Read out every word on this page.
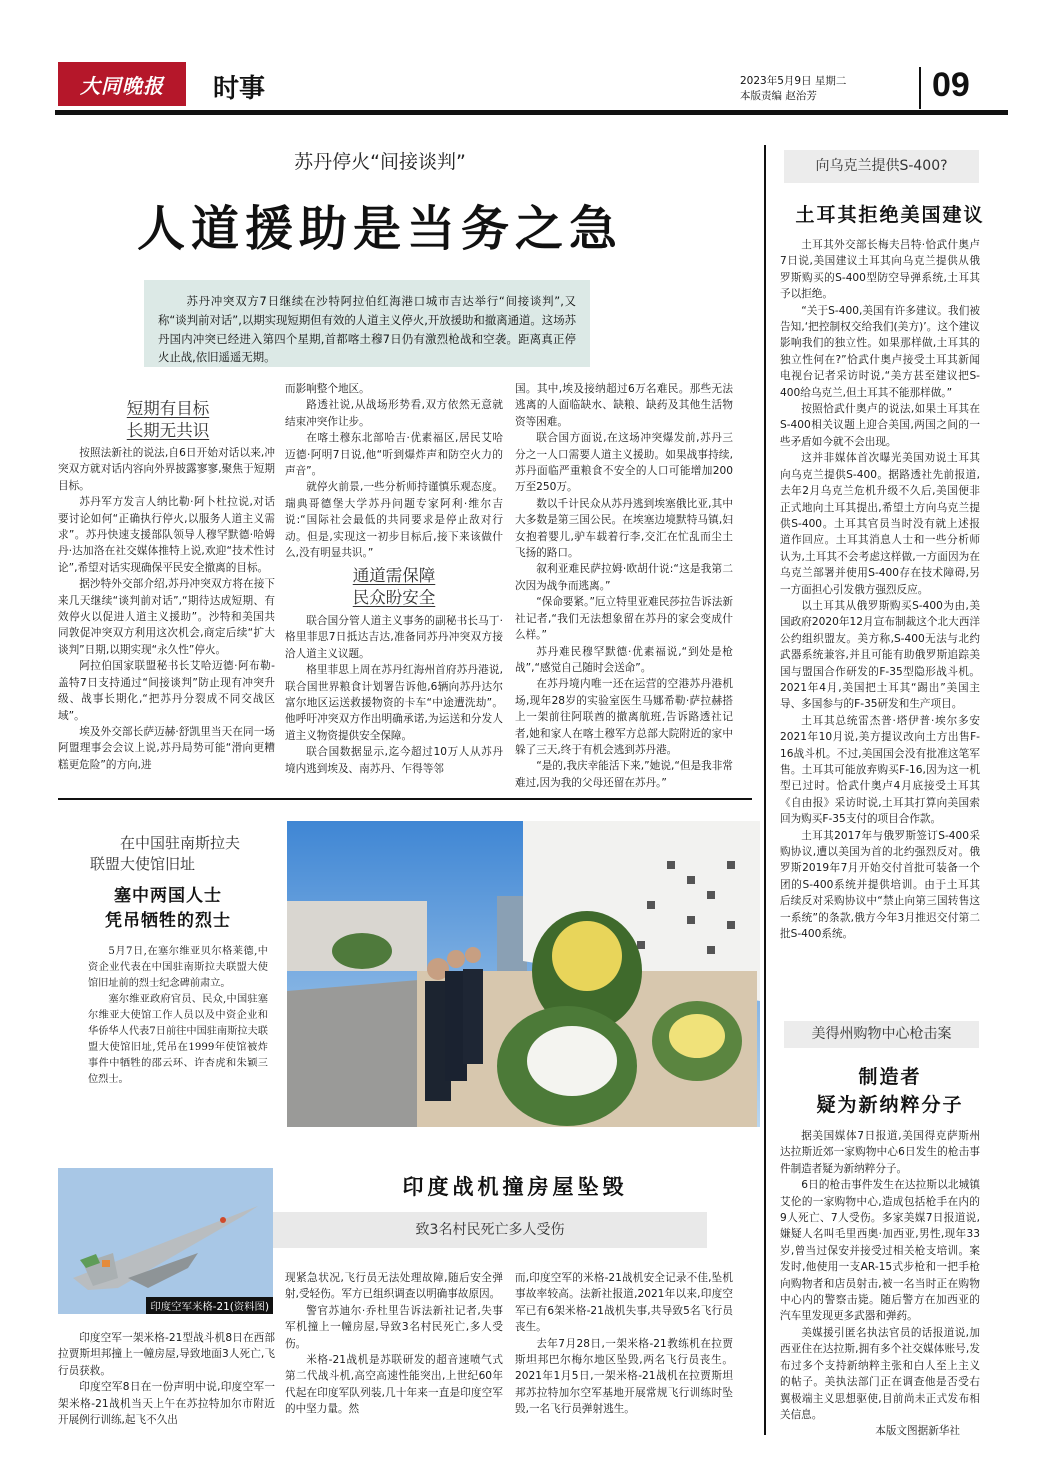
大同晚报	时事	2023年5月9日 星期二
本版责编 赵治芳	09
苏丹停火“间接谈判”
人道援助是当务之急

苏丹冲突双方7日继续在沙特阿拉伯红海港口城市吉达举行“间接谈判”,又称“谈判前对话”,以期实现短期但有效的人道主义停火,开放援助和撤离通道。这场苏丹国内冲突已经进入第四个星期,首都喀土穆7日仍有激烈枪战和空袭。距离真正停火止战,依旧遥遥无期。

短期有目标
长期无共识

按照法新社的说法,自6日开始对话以来,冲突双方就对话内容向外界披露寥寥,聚焦于短期目标。

苏丹军方发言人纳比勒·阿卜杜拉说,对话要讨论如何“正确执行停火,以服务人道主义需求”。苏丹快速支援部队领导人穆罕默德·哈姆丹·达加洛在社交媒体推特上说,欢迎“技术性讨论”,希望对话实现确保平民安全撤离的目标。

据沙特外交部介绍,苏丹冲突双方将在接下来几天继续“谈判前对话”,“期待达成短期、有效停火以促进人道主义援助”。沙特和美国共同敦促冲突双方利用这次机会,商定后续“扩大谈判”日期,以期实现“永久性”停火。

阿拉伯国家联盟秘书长艾哈迈德·阿布勒-盖特7日支持通过“间接谈判”防止现有冲突升级、战事长期化,“把苏丹分裂成不同交战区域”。

埃及外交部长萨迈赫·舒凯里当天在同一场阿盟理事会会议上说,苏丹局势可能“滑向更糟糕更危险”的方向,进

而影响整个地区。

路透社说,从战场形势看,双方依然无意就结束冲突作让步。

在喀土穆东北部哈吉·优素福区,居民艾哈迈德·阿明7日说,他“听到爆炸声和防空火力的声音”。

就停火前景,一些分析师持谨慎乐观态度。瑞典哥德堡大学苏丹问题专家阿利·维尔吉说:“国际社会最低的共同要求是停止敌对行动。但是,实现这一初步目标后,接下来该做什么,没有明显共识。”

通道需保障
民众盼安全

联合国分管人道主义事务的副秘书长马丁·格里菲思7日抵达吉达,准备同苏丹冲突双方接洽人道主义议题。

格里菲思上周在苏丹红海州首府苏丹港说,联合国世界粮食计划署告诉他,6辆向苏丹达尔富尔地区运送救援物资的卡车“中途遭洗劫”。他呼吁冲突双方作出明确承诺,为运送和分发人道主义物资提供安全保障。

联合国数据显示,迄今超过10万人从苏丹境内逃到埃及、南苏丹、乍得等邻

国。其中,埃及接纳超过6万名难民。那些无法逃离的人面临缺水、缺粮、缺药及其他生活物资等困难。

联合国方面说,在这场冲突爆发前,苏丹三分之一人口需要人道主义援助。如果战事持续,苏丹面临严重粮食不安全的人口可能增加200万至250万。

数以千计民众从苏丹逃到埃塞俄比亚,其中大多数是第三国公民。在埃塞边境默特马镇,妇女抱着婴儿,驴车载着行李,交汇在忙乱而尘土飞扬的路口。

叙利亚难民萨拉姆·欧胡什说:“这是我第二次因为战争而逃离。”

“保命要紧。”厄立特里亚难民莎拉告诉法新社记者,“我们无法想象留在苏丹的家会变成什么样。”

苏丹难民穆罕默德·优素福说,“到处是枪战”,“感觉自己随时会送命”。

在苏丹境内唯一还在运营的空港苏丹港机场,现年28岁的实验室医生马娜希勒·萨拉赫搭上一架前往阿联酋的撤离航班,告诉路透社记者,她和家人在喀土穆军方总部大院附近的家中躲了三天,终于有机会逃到苏丹港。

“是的,我庆幸能活下来,”她说,“但是我非常难过,因为我的父母还留在苏丹。”

向乌克兰提供S-400?
土耳其拒绝美国建议

土耳其外交部长梅夫吕特·恰武什奥卢7日说,美国建议土耳其向乌克兰提供从俄罗斯购买的S-400型防空导弹系统,土耳其予以拒绝。

“关于S-400,美国有许多建议。我们被告知,‘把控制权交给我们(美方)’。这个建议影响我们的独立性。如果那样做,土耳其的独立性何在?”恰武什奥卢接受土耳其新闻电视台记者采访时说,“美方甚至建议把S-400给乌克兰,但土耳其不能那样做。”

按照恰武什奥卢的说法,如果土耳其在S-400相关议题上迎合美国,两国之间的一些矛盾如今就不会出现。

这并非媒体首次曝光美国劝说土耳其向乌克兰提供S-400。据路透社先前报道,去年2月乌克兰危机升级不久后,美国便非正式地向土耳其提出,希望土方向乌克兰提供S-400。土耳其官员当时没有就上述报道作回应。土耳其消息人士和一些分析师认为,土耳其不会考虑这样做,一方面因为在乌克兰部署并使用S-400存在技术障碍,另一方面担心引发俄方强烈反应。

以土耳其从俄罗斯购买S-400为由,美国政府2020年12月宣布制裁这个北大西洋公约组织盟友。美方称,S-400无法与北约武器系统兼容,并且可能有助俄罗斯追踪美国与盟国合作研发的F-35型隐形战斗机。2021年4月,美国把土耳其“踢出”美国主导、多国参与的F-35研发和生产项目。

土耳其总统雷杰普·塔伊普·埃尔多安2021年10月说,美方提议改向土方出售F-16战斗机。不过,美国国会没有批准这笔军售。土耳其可能放弃购买F-16,因为这一机型已过时。恰武什奥卢4月底接受土耳其《自由报》采访时说,土耳其打算向美国索回为购买F-35支付的项目合作款。

土耳其2017年与俄罗斯签订S-400采购协议,遭以美国为首的北约强烈反对。俄罗斯2019年7月开始交付首批可装备一个团的S-400系统并提供培训。由于土耳其后续反对采购协议中“禁止向第三国转售这一系统”的条款,俄方今年3月推迟交付第二批S-400系统。

美得州购物中心枪击案
制造者
疑为新纳粹分子

据美国媒体7日报道,美国得克萨斯州达拉斯近郊一家购物中心6日发生的枪击事件制造者疑为新纳粹分子。

6日的枪击事件发生在达拉斯以北城镇艾伦的一家购物中心,造成包括枪手在内的9人死亡、7人受伤。多家美媒7日报道说,嫌疑人名叫毛里西奥·加西亚,男性,现年33岁,曾当过保安并接受过相关枪支培训。案发时,他使用一支AR-15式步枪和一把手枪向购物者和店员射击,被一名当时正在购物中心内的警察击毙。随后警方在加西亚的汽车里发现更多武器和弹药。

美媒援引匿名执法官员的话报道说,加西亚住在达拉斯,拥有多个社交媒体账号,发布过多个支持新纳粹主张和白人至上主义的帖子。美执法部门正在调查他是否受右翼极端主义思想驱使,目前尚未正式发布相关信息。

本版文图据新华社

在中国驻南斯拉夫
联盟大使馆旧址
塞中两国人士
凭吊牺牲的烈士

5月7日,在塞尔维亚贝尔格莱德,中资企业代表在中国驻南斯拉夫联盟大使馆旧址前的烈士纪念碑前肃立。

塞尔维亚政府官员、民众,中国驻塞尔维亚大使馆工作人员以及中资企业和华侨华人代表7日前往中国驻南斯拉夫联盟大使馆旧址,凭吊在1999年使馆被炸事件中牺牲的邵云环、许杏虎和朱颖三位烈士。

印度空军米格-21(资料图)
印度战机撞房屋坠毁
致3名村民死亡多人受伤

印度空军一架米格-21型战斗机8日在西部拉贾斯坦邦撞上一幢房屋,导致地面3人死亡,飞行员获救。

印度空军8日在一份声明中说,印度空军一架米格-21战机当天上午在苏拉特加尔市附近开展例行训练,起飞不久出

现紧急状况,飞行员无法处理故障,随后安全弹射,受轻伤。军方已组织调查以明确事故原因。

警官苏迪尔·乔杜里告诉法新社记者,失事军机撞上一幢房屋,导致3名村民死亡,多人受伤。

米格-21战机是苏联研发的超音速喷气式第二代战斗机,高空高速性能突出,上世纪60年代起在印度军队列装,几十年来一直是印度空军的中坚力量。然

而,印度空军的米格-21战机安全记录不佳,坠机事故率较高。法新社报道,2021年以来,印度空军已有6架米格-21战机失事,共导致5名飞行员丧生。

去年7月28日,一架米格-21教练机在拉贾斯坦邦巴尔梅尔地区坠毁,两名飞行员丧生。2021年1月5日,一架米格-21战机在拉贾斯坦邦苏拉特加尔空军基地开展常规飞行训练时坠毁,一名飞行员弹射逃生。
